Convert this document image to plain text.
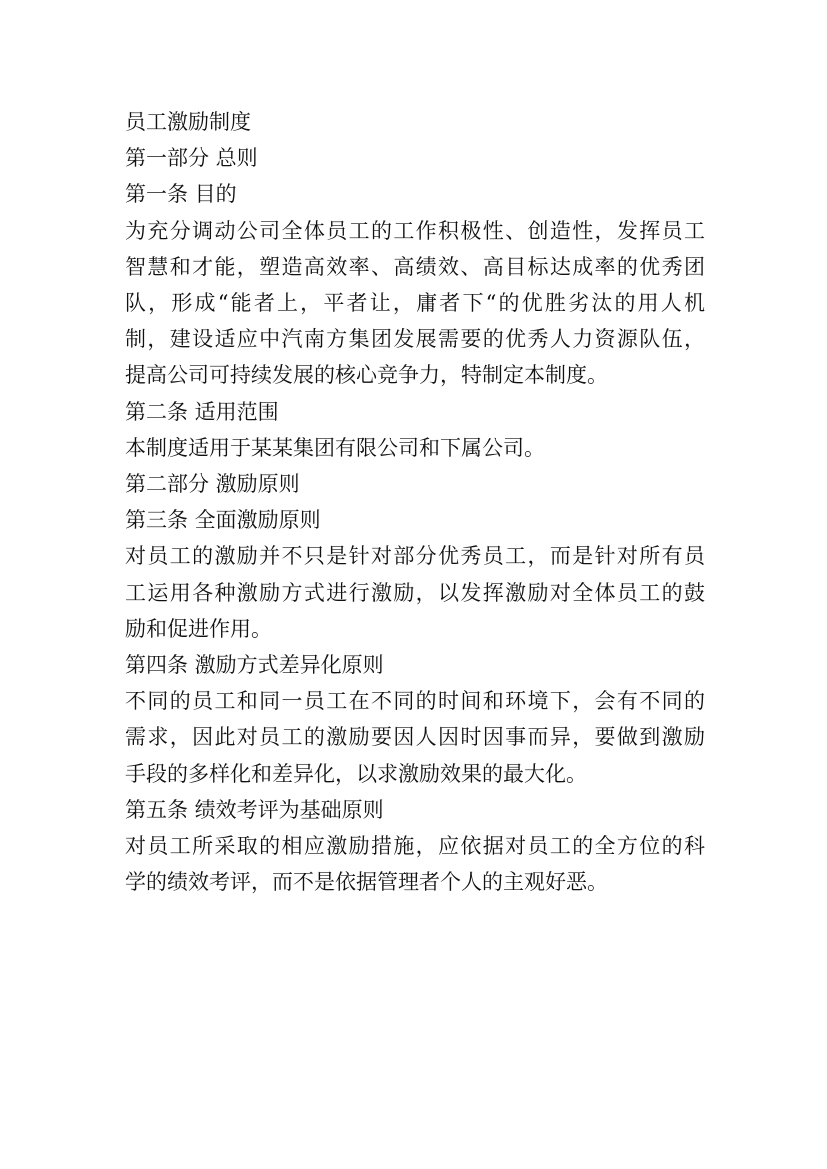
员工激励制度

第一部分 总则

第一条 目的

为充分调动公司全体员工的工作积极性、创造性，发挥员工

智慧和才能，塑造高效率、高绩效、高目标达成率的优秀团

队，形成“能者上，平者让，庸者下“的优胜劣汰的用人机

制，建设适应中汽南方集团发展需要的优秀人力资源队伍，

提高公司可持续发展的核心竞争力，特制定本制度。

第二条 适用范围

本制度适用于某某集团有限公司和下属公司。

第二部分 激励原则

第三条 全面激励原则

对员工的激励并不只是针对部分优秀员工，而是针对所有员

工运用各种激励方式进行激励，以发挥激励对全体员工的鼓

励和促进作用。

第四条 激励方式差异化原则

不同的员工和同一员工在不同的时间和环境下，会有不同的

需求，因此对员工的激励要因人因时因事而异，要做到激励

手段的多样化和差异化，以求激励效果的最大化。

第五条 绩效考评为基础原则

对员工所采取的相应激励措施，应依据对员工的全方位的科

学的绩效考评，而不是依据管理者个人的主观好恶。
